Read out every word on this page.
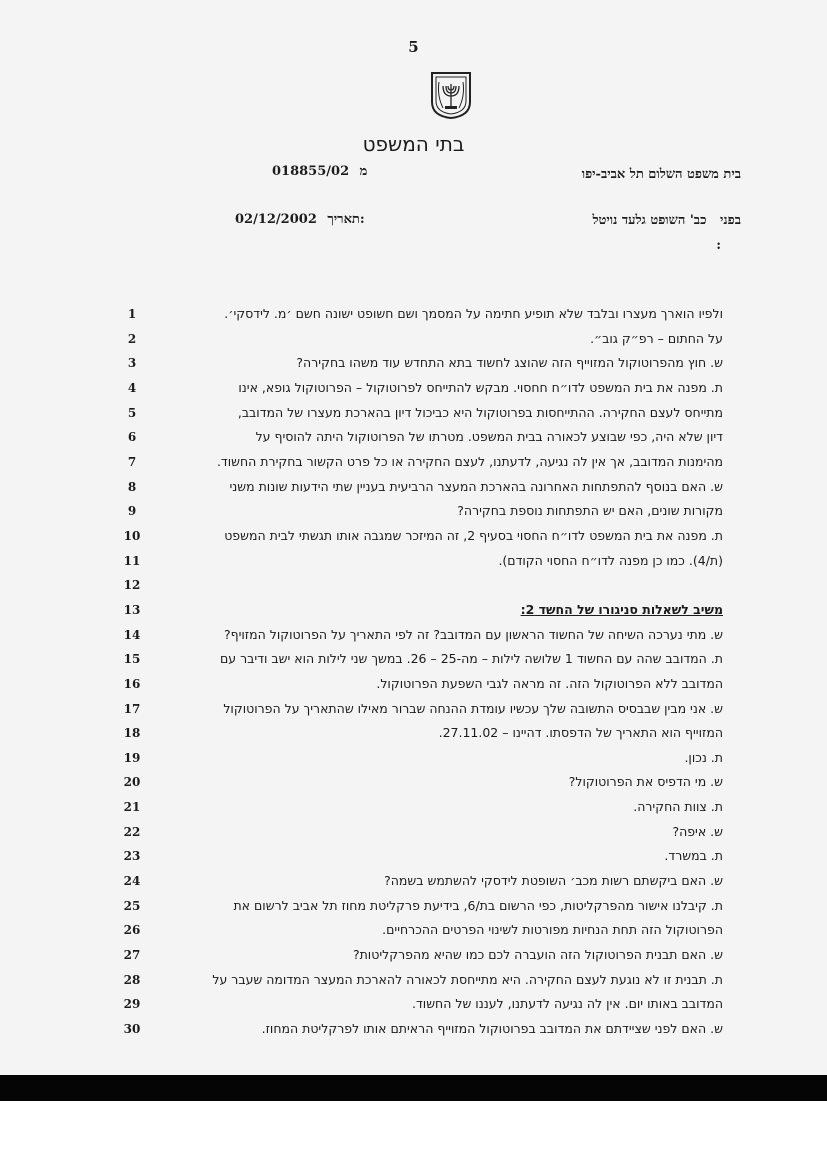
5
בתי המשפט
בית משפט השלום תל אביב-יפו
018855/02 מ
בפני   כב' השופט גלעד נויטל
02/12/2002 תאריך:
:
1
2
3
4
5
6
7
8
9
10
11
12
13
14
15
16
17
18
19
20
21
22
23
24
25
26
27
28
29
30
ולפיו הוארך מעצרו ובלבד שלא תופיע חתימה על המסמך ושם חשופט ישונה חשם ׳מ. לידסקי׳.
על החתום – רפ״ק גוב״.
ש. חוץ מהפרוטוקול המזוייף הזה שהוצג לחשוד בתא התחדש עוד משהו בחקירה?
ת. מפנה את בית המשפט לדו״ח חחסוי. מבקש להתייחס לפרוטוקול – הפרוטוקול גופא, אינו
מתייחס לעצם החקירה. ההתייחסות בפרוטוקול היא כביכול דיון בהארכת מעצרו של המדובב,
דיון שלא היה, כפי שבוצע לכאורה בבית המשפט. מטרתו של הפרוטוקול היתה להוסיף על
מהימנות המדובב, אך אין לה נגיעה, לדעתנו, לעצם החקירה או כל פרט הקשור בחקירת החשוד.
ש. האם בנוסף להתפתחות האחרונה בהארכת המעצר הרביעית בעניין שתי הידעות שונות משני
מקורות שונים, האם יש התפתחות נוספת בחקירה?
ת. מפנה את בית המשפט לדו״ח החסוי בסעיף 2, זה המיזכר שמגבה אותו תגשתי לבית המשפט
(ת/4). כמו כן מפנה לדו״ח החסוי הקודם).
משיב לשאלות סניגורו של החשד 2:
ש. מתי נערכה השיחה של החשוד הראשון עם המדובב? זה לפי התאריך על הפרוטוקול המזויף?
ת. המדובב שהה עם החשוד 1 שלושה לילות – מה-25 – 26. במשך שני לילות הוא ישב ודיבר עם
המדובב ללא הפרוטוקול הזה. זה מראה לגבי השפעת הפרוטוקול.
ש. אני מבין שבבסיס התשובה שלך עכשיו עומדת ההנחה שברור מאילו שהתאריך על הפרוטוקול
המזוייף הוא התאריך של הדפסתו. דהיינו – 27.11.02.
ת. נכון.
ש. מי הדפיס את הפרוטוקול?
ת. צוות החקירה.
ש. איפה?
ת. במשרד.
ש. האם ביקשתם רשות מכב׳ השופטת לידסקי להשתמש בשמה?
ת. קיבלנו אישור מהפרקליטות, כפי הרשום בת/6, בידיעת פרקליטת מחוז תל אביב לרשום את
הפרוטוקול הזה תחת הנחיות מפורטות לשינוי הפרטים ההכרחיים.
ש. האם תבנית הפרוטוקול הזה הועברה לכם כמו שהיא מהפרקליטות?
ת. תבנית זו לא נוגעת לעצם החקירה. היא מתייחסת לכאורה להארכת המעצר המדומה שעבר על
המדובב באותו יום. אין לה נגיעה לדעתנו, לעננו של החשוד.
ש. האם לפני שציידתם את המדובב בפרוטוקול המזוייף הראיתם אותו לפרקליטת המחוז.
